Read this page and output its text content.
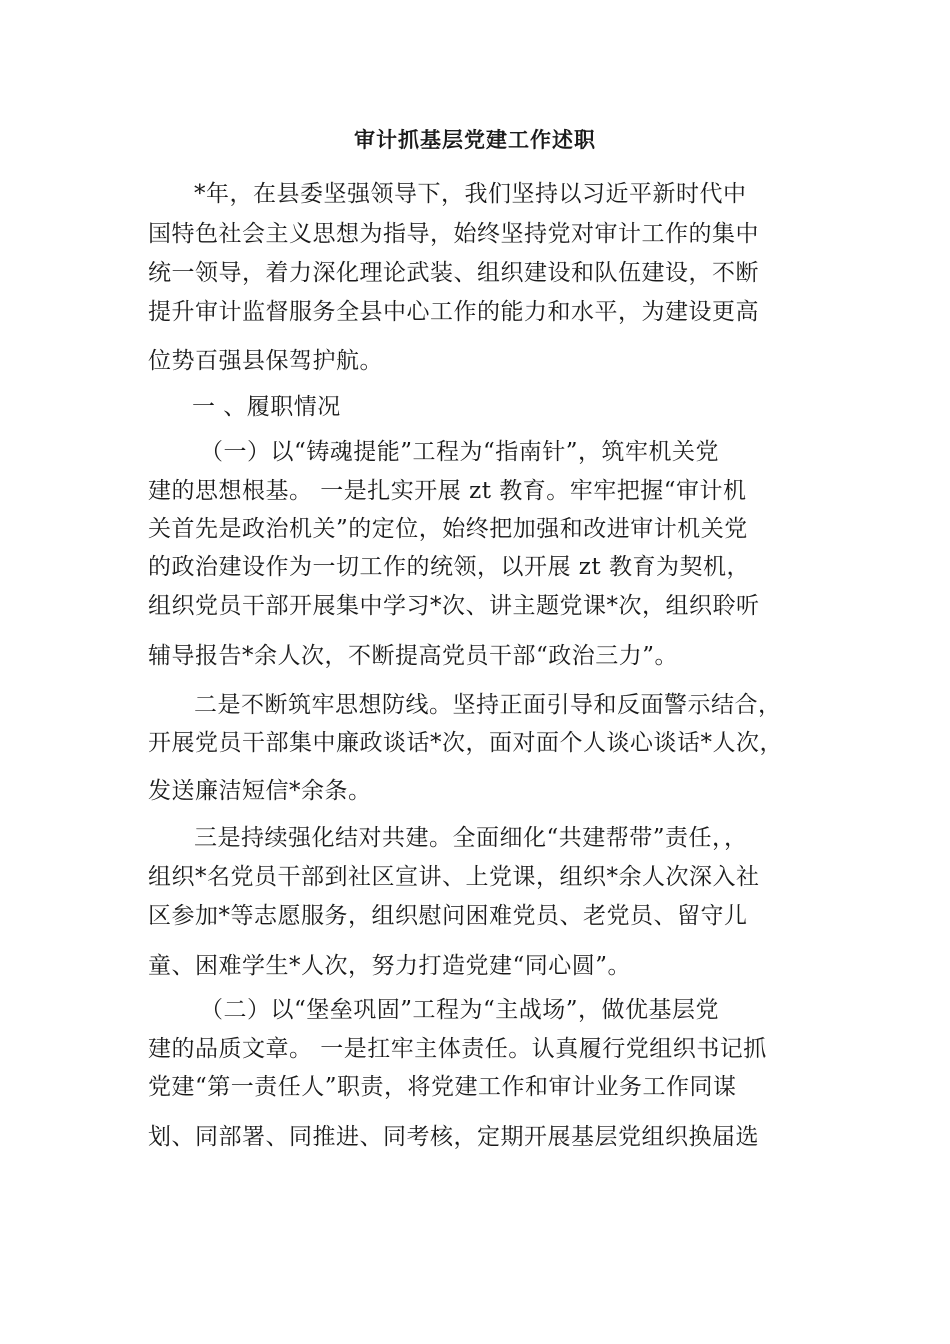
审计抓基层党建工作述职
*年，在县委坚强领导下，我们坚持以习近平新时代中
国特色社会主义思想为指导，始终坚持党对审计工作的集中
统一领导，着力深化理论武装、组织建设和队伍建设，不断
提升审计监督服务全县中心工作的能力和水平，为建设更高
位势百强县保驾护航。
一 、履职情况
（一）以“铸魂提能”工程为“指南针”，筑牢机关党
建的思想根基。 一是扎实开展 zt 教育。牢牢把握“审计机
关首先是政治机关”的定位，始终把加强和改进审计机关党
的政治建设作为一切工作的统领，以开展 zt 教育为契机，
组织党员干部开展集中学习*次、讲主题党课*次，组织聆听
辅导报告*余人次，不断提高党员干部“政治三力”。
二是不断筑牢思想防线。坚持正面引导和反面警示结合，
开展党员干部集中廉政谈话*次，面对面个人谈心谈话*人次，
发送廉洁短信*余条。
三是持续强化结对共建。全面细化“共建帮带”责任，，
组织*名党员干部到社区宣讲、上党课，组织*余人次深入社
区参加*等志愿服务，组织慰问困难党员、老党员、留守儿
童、困难学生*人次，努力打造党建“同心圆”。
（二）以“堡垒巩固”工程为“主战场”，做优基层党
建的品质文章。 一是扛牢主体责任。认真履行党组织书记抓
党建“第一责任人”职责，将党建工作和审计业务工作同谋
划、同部署、同推进、同考核，定期开展基层党组织换届选
